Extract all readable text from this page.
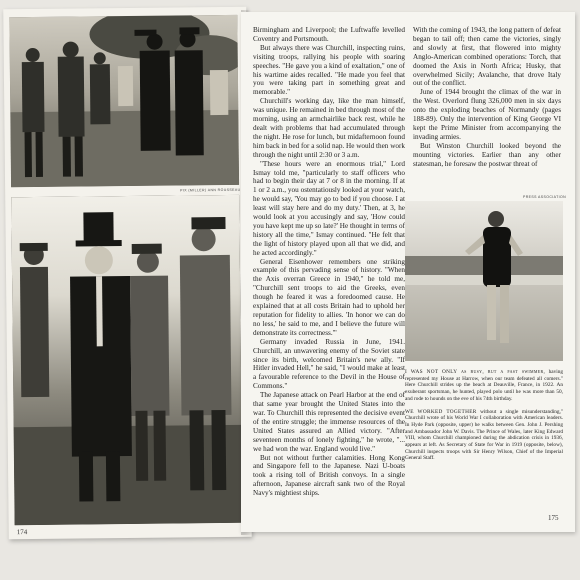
PIX (MILLER) ANN ROUSSEAU
174

Birmingham and Liverpool; the Luftwaffe levelled Coventry and Portsmouth.

But always there was Churchill, inspecting ruins, visiting troops, rallying his people with soaring speeches. "He gave you a kind of exaltation," one of his wartime aides recalled. "He made you feel that you were taking part in something great and memorable."

Churchill's working day, like the man himself, was unique. He remained in bed through most of the morning, using an armchairlike back rest, while he dealt with problems that had accumulated through the night. He rose for lunch, but midafternoon found him back in bed for a solid nap. He would then work through the night until 2:30 or 3 a.m.

"These hours were an enormous trial," Lord Ismay told me, "particularly to staff officers who had to begin their day at 7 or 8 in the morning. If at 1 or 2 a.m., you ostentatiously looked at your watch, he would say, 'You may go to bed if you choose. I at least will stay here and do my duty.' Then, at 3, he would look at you accusingly and say, 'How could you have kept me up so late?' He thought in terms of history all the time," Ismay continued. "He felt that the light of history played upon all that we did, and he acted accordingly."

General Eisenhower remembers one striking example of this pervading sense of history. "When the Axis overran Greece in 1940," he told me, "Churchill sent troops to aid the Greeks, even though he feared it was a foredoomed cause. He explained that at all costs Britain had to uphold her reputation for fidelity to allies. 'In honor we can do no less,' he said to me, and I believe the future will demonstrate its correctness.'"

Germany invaded Russia in June, 1941. Churchill, an unwavering enemy of the Soviet state since its birth, welcomed Britain's new ally. "If Hitler invaded Hell," he said, "I would make at least a favourable reference to the Devil in the House of Commons."

The Japanese attack on Pearl Harbor at the end of that same year brought the United States into the war. To Churchill this represented the decisive event of the entire struggle; the immense resources of the United States assured an Allied victory. "After seventeen months of lonely fighting," he wrote, "... we had won the war. England would live."

But not without further calamities. Hong Kong and Singapore fell to the Japanese. Nazi U-boats took a rising toll of British convoys. In a single afternoon, Japanese aircraft sank two of the Royal Navy's mightiest ships.

With the coming of 1943, the long pattern of defeat began to tail off; then came the victories, singly and slowly at first, that flowered into mighty Anglo-American combined operations: Torch, that doomed the Axis in North Africa; Husky, that overwhelmed Sicily; Avalanche, that drove Italy out of the conflict.

June of 1944 brought the climax of the war in the West. Overlord flung 326,000 men in six days onto the exploding beaches of Normandy (pages 188-89). Only the intervention of King George VI kept the Prime Minister from accompanying the invading armies.

But Winston Churchill looked beyond the mounting victories. Earlier than any other statesman, he foresaw the postwar threat of

PRESS ASSOCIATION

I WAS NOT ONLY as busy, but a fast swimmer, having represented my House at Harrow, when our team defeated all comers." Here Churchill strides up the beach at Deauville, France, in 1922. An exuberant sportsman, he hunted, played polo until he was more than 50, and rode to hounds on the eve of his 74th birthday.

WE WORKED TOGETHER without a single misunderstanding," Churchill wrote of his World War I collaboration with American leaders. In Hyde Park (opposite, upper) he walks between Gen. John J. Pershing and Ambassador John W. Davis. The Prince of Wales, later King Edward VIII, whom Churchill championed during the abdication crisis in 1936, appears at left. As Secretary of State for War in 1919 (opposite, below), Churchill inspects troops with Sir Henry Wilson, Chief of the Imperial General Staff.

175
